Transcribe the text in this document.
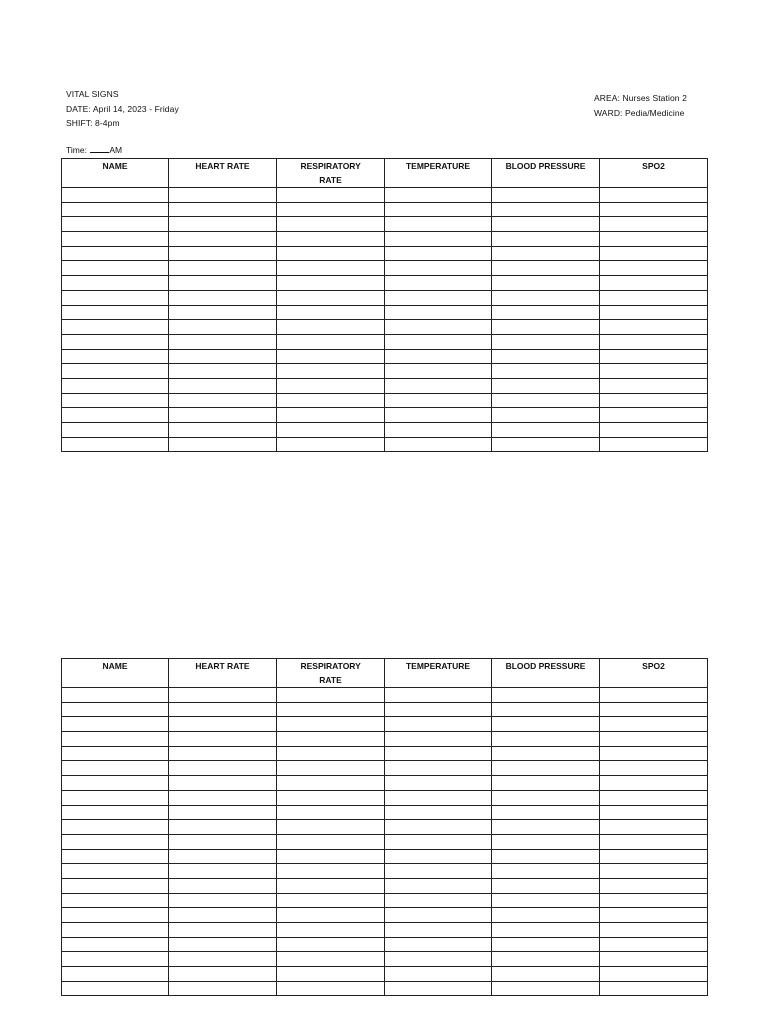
VITAL SIGNS
DATE: April 14, 2023 - Friday
SHIFT: 8-4pm
AREA: Nurses Station 2
WARD: Pedia/Medicine
Time:	AM
NAME	HEART RATE	RESPIRATORY RATE	TEMPERATURE	BLOOD PRESSURE	SPO2

NAME	HEART RATE	RESPIRATORY RATE	TEMPERATURE	BLOOD PRESSURE	SPO2
